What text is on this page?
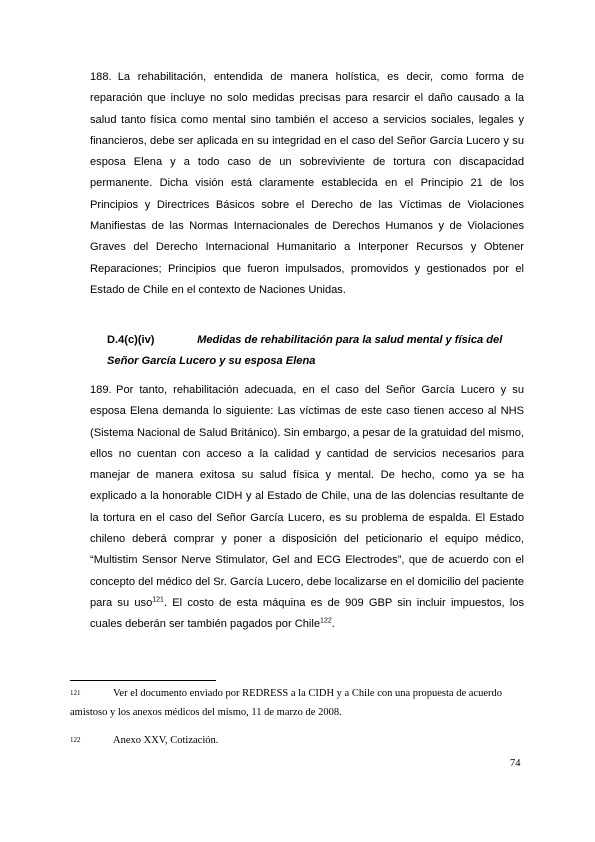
188. La rehabilitación, entendida de manera holística, es decir, como forma de reparación que incluye no solo medidas precisas para resarcir el daño causado a la salud tanto física como mental sino también el acceso a servicios sociales, legales y financieros, debe ser aplicada en su integridad en el caso del Señor García Lucero y su esposa Elena y a todo caso de un sobreviviente de tortura con discapacidad permanente. Dicha visión está claramente establecida en el Principio 21 de los Principios y Directrices Básicos sobre el Derecho de las Víctimas de Violaciones Manifiestas de las Normas Internacionales de Derechos Humanos y de Violaciones Graves del Derecho Internacional Humanitario a Interponer Recursos y Obtener Reparaciones; Principios que fueron impulsados, promovidos y gestionados por el Estado de Chile en el contexto de Naciones Unidas.
D.4(c)(iv)	Medidas de rehabilitación para la salud mental y física del Señor García Lucero y su esposa Elena
189. Por tanto, rehabilitación adecuada, en el caso del Señor García Lucero y su esposa Elena demanda lo siguiente: Las víctimas de este caso tienen acceso al NHS (Sistema Nacional de Salud Británico). Sin embargo, a pesar de la gratuidad del mismo, ellos no cuentan con acceso a la calidad y cantidad de servicios necesarios para manejar de manera exitosa su salud física y mental. De hecho, como ya se ha explicado a la honorable CIDH y al Estado de Chile, una de las dolencias resultante de la tortura en el caso del Señor García Lucero, es su problema de espalda. El Estado chileno deberá comprar y poner a disposición del peticionario el equipo médico, “Multistim Sensor Nerve Stimulator, Gel and ECG Electrodes”, que de acuerdo con el concepto del médico del Sr. García Lucero, debe localizarse en el domicilio del paciente para su uso$^{121}$. El costo de esta máquina es de 909 GBP sin incluir impuestos, los cuales deberán ser también pagados por Chile$^{122}$.
121	Ver el documento enviado por REDRESS a la CIDH y a Chile con una propuesta de acuerdo amistoso y los anexos médicos del mismo, 11 de marzo de 2008.
122	Anexo XXV, Cotización.
74
